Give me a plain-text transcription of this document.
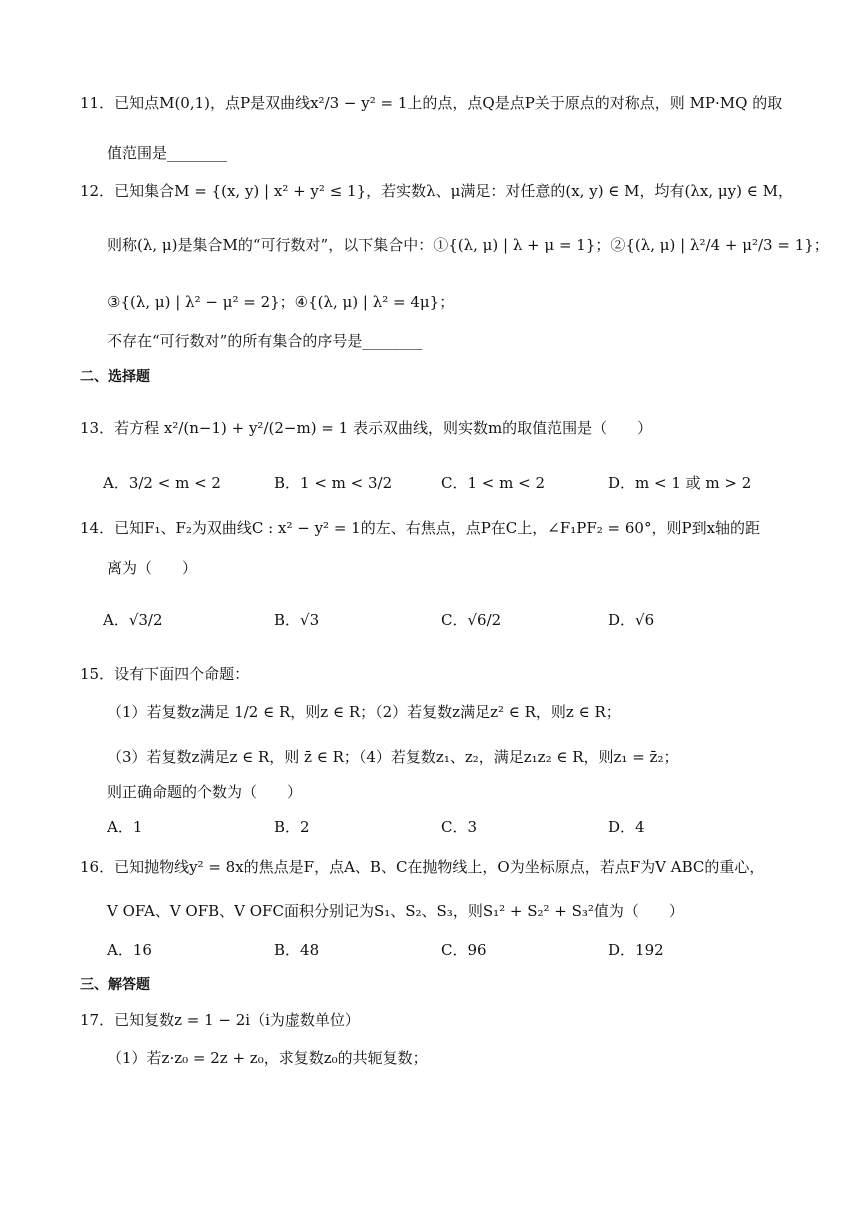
11．已知点M(0,1)，点P是双曲线x²/3 − y² = 1上的点，点Q是点P关于原点的对称点，则 MP·MQ 的取
值范围是________
12．已知集合M = {(x, y) | x² + y² ≤ 1}，若实数λ、μ满足：对任意的(x, y) ∈ M，均有(λx, μy) ∈ M，
则称(λ, μ)是集合M的“可行数对”，以下集合中：①{(λ, μ) | λ + μ = 1}；②{(λ, μ) | λ²/4 + μ²/3 = 1}；
③{(λ, μ) | λ² − μ² = 2}；④{(λ, μ) | λ² = 4μ}；
不存在“可行数对”的所有集合的序号是________
二、选择题
13．若方程 x²/(n−1) + y²/(2−m) = 1 表示双曲线，则实数m的取值范围是（　　）
A．3/2 < m < 2	B．1 < m < 3/2	C．1 < m < 2	D．m < 1 或 m > 2
14．已知F₁、F₂为双曲线C : x² − y² = 1的左、右焦点，点P在C上，∠F₁PF₂ = 60°，则P到x轴的距
离为（　　）
A．√3/2	B．√3	C．√6/2	D．√6
15．设有下面四个命题：
（1）若复数z满足 1/2 ∈ R，则z ∈ R；（2）若复数z满足z² ∈ R，则z ∈ R；
（3）若复数z满足z ∈ R，则 z̄ ∈ R；（4）若复数z₁、z₂，满足z₁z₂ ∈ R，则z₁ = z̄₂；
则正确命题的个数为（　　）
A．1	B．2	C．3	D．4
16．已知抛物线y² = 8x的焦点是F，点A、B、C在抛物线上，O为坐标原点，若点F为V ABC的重心，
V OFA、V OFB、V OFC面积分别记为S₁、S₂、S₃，则S₁² + S₂² + S₃²值为（　　）
A．16	B．48	C．96	D．192
三、解答题
17．已知复数z = 1 − 2i（i为虚数单位）
（1）若z·z₀ = 2z + z₀，求复数z₀的共轭复数；
